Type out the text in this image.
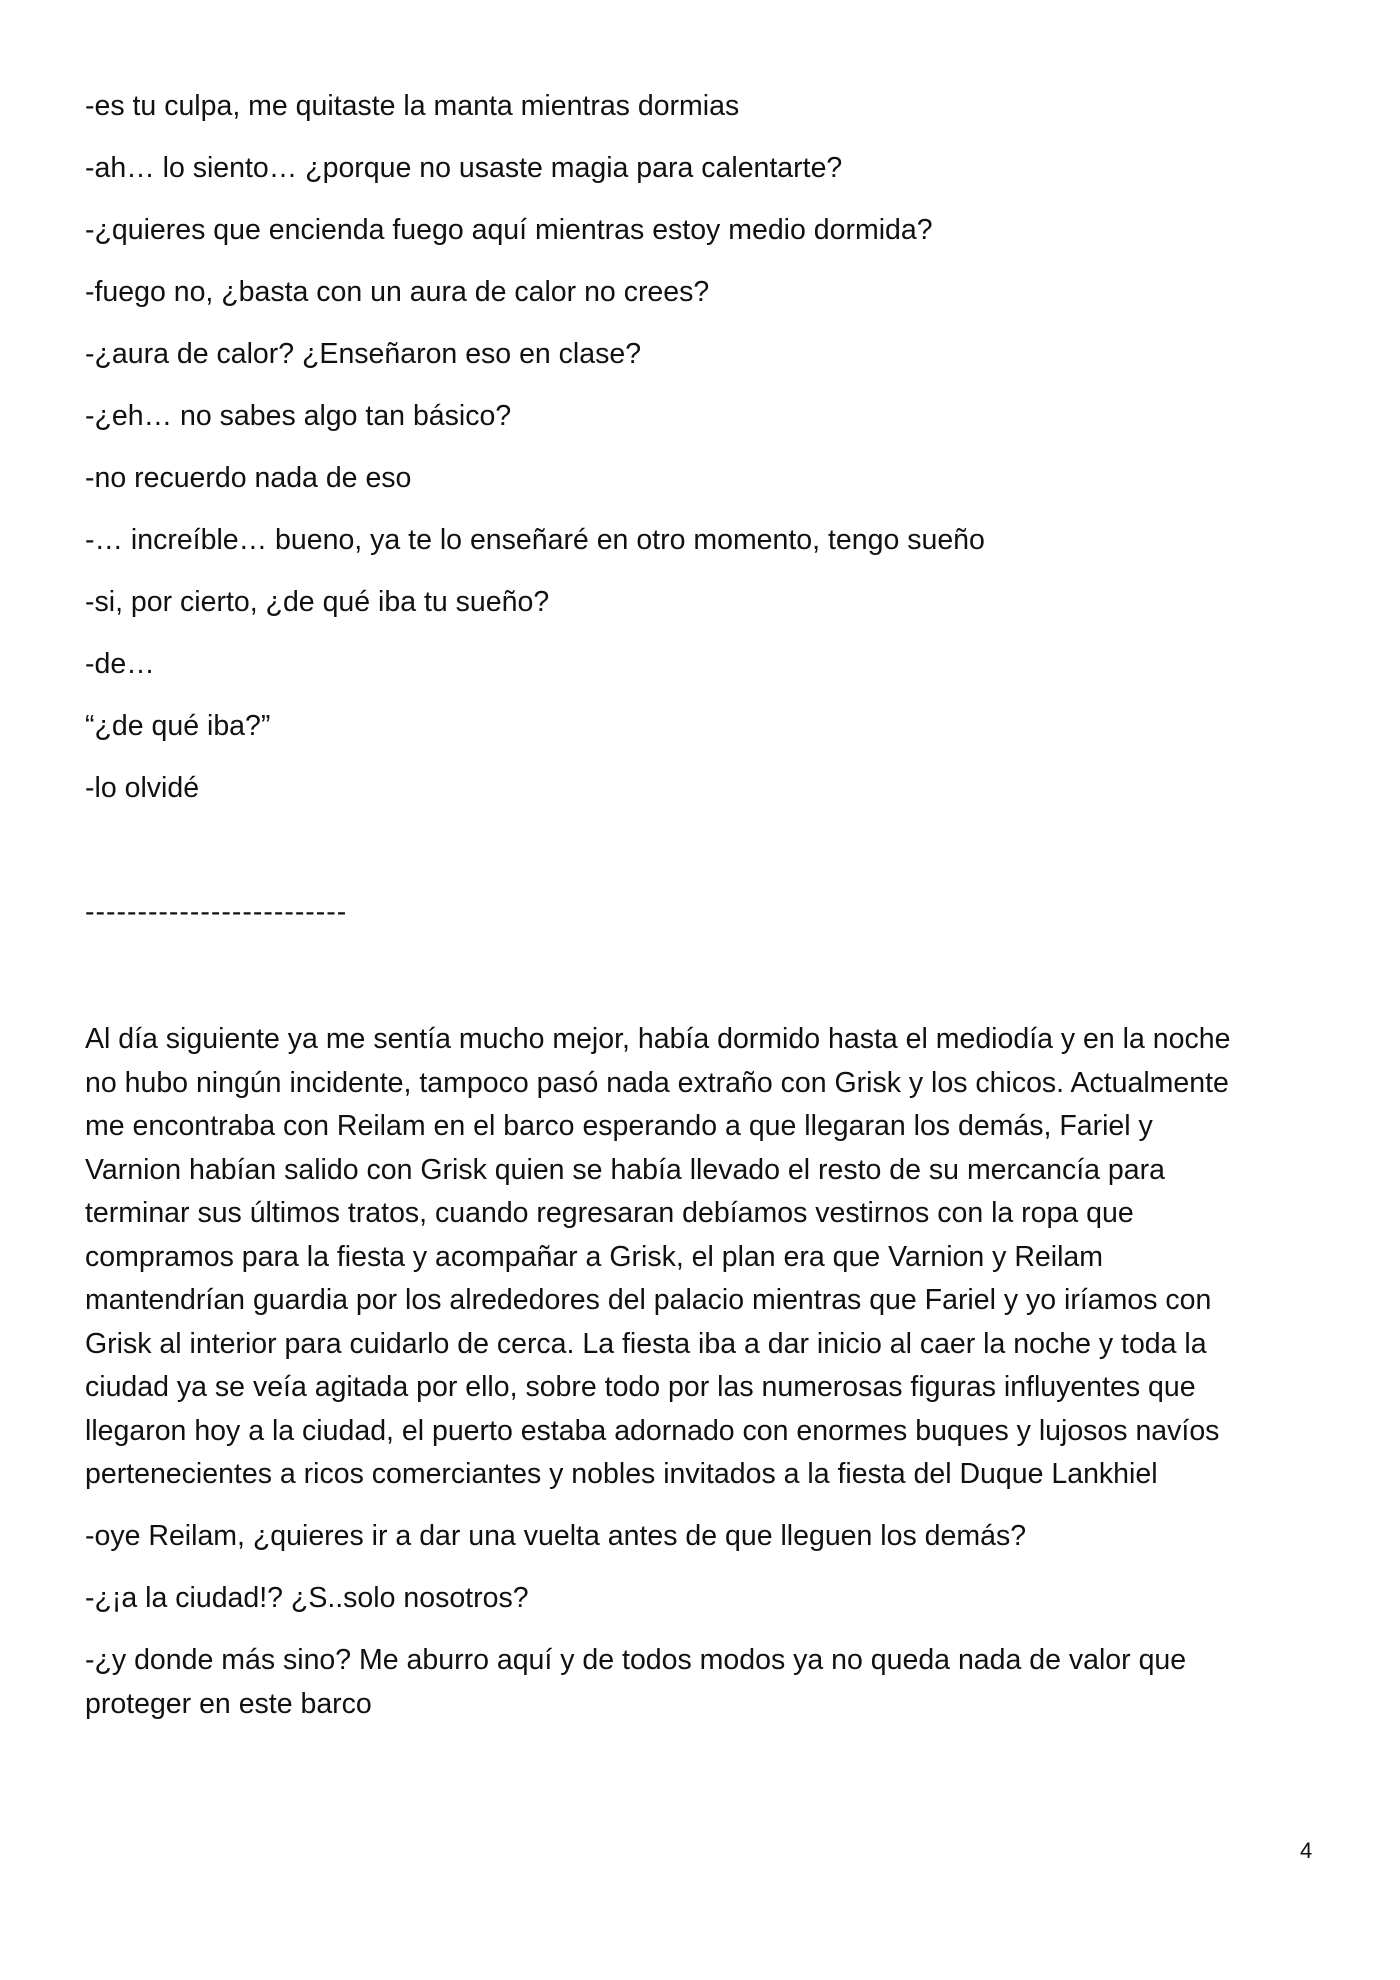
-es tu culpa, me quitaste la manta mientras dormias

-ah… lo siento… ¿porque no usaste magia para calentarte?

-¿quieres que encienda fuego aquí mientras estoy medio dormida?

-fuego no, ¿basta con un aura de calor no crees?

-¿aura de calor? ¿Enseñaron eso en clase?

-¿eh… no sabes algo tan básico?

-no recuerdo nada de eso

-… increíble… bueno, ya te lo enseñaré en otro momento, tengo sueño

-si, por cierto, ¿de qué iba tu sueño?

-de…

“¿de qué iba?”

-lo olvidé

-------------------------
Al día siguiente ya me sentía mucho mejor, había dormido hasta el mediodía y en la noche
no hubo ningún incidente, tampoco pasó nada extraño con Grisk y los chicos. Actualmente
me encontraba con Reilam en el barco esperando a que llegaran los demás, Fariel y
Varnion habían salido con Grisk quien se había llevado el resto de su mercancía para
terminar sus últimos tratos, cuando regresaran debíamos vestirnos con la ropa que
compramos para la fiesta y acompañar a Grisk, el plan era que Varnion y Reilam
mantendrían guardia por los alrededores del palacio mientras que Fariel y yo iríamos con
Grisk al interior para cuidarlo de cerca. La fiesta iba a dar inicio al caer la noche y toda la
ciudad ya se veía agitada por ello, sobre todo por las numerosas figuras influyentes que
llegaron hoy a la ciudad, el puerto estaba adornado con enormes buques y lujosos navíos
pertenecientes a ricos comerciantes y nobles invitados a la fiesta del Duque Lankhiel

-oye Reilam, ¿quieres ir a dar una vuelta antes de que lleguen los demás?

-¿¡a la ciudad!? ¿S..solo nosotros?

-¿y donde más sino? Me aburro aquí y de todos modos ya no queda nada de valor que
proteger en este barco

4
